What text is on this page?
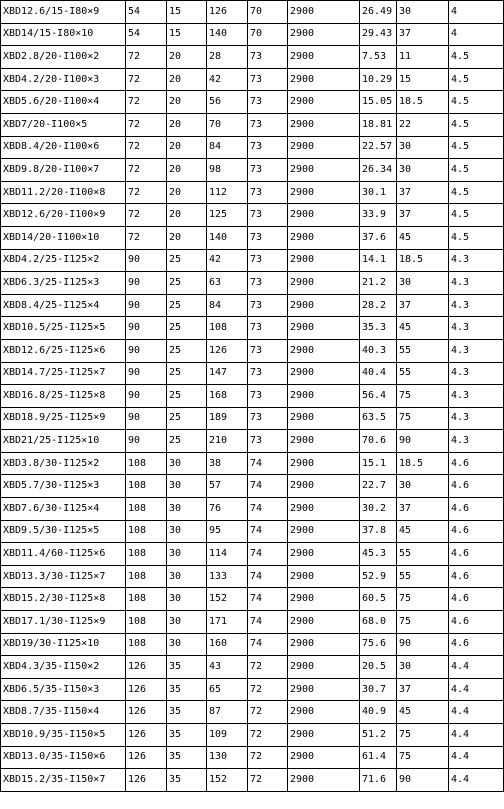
XBD12.6/15-I80×9	54	15	126	70	2900	26.49	30	4	
XBD14/15-I80×10	54	15	140	70	2900	29.43	37	4	
XBD2.8/20-I100×2	72	20	28	73	2900	7.53	11	4.5	
XBD4.2/20-I100×3	72	20	42	73	2900	10.29	15	4.5	
XBD5.6/20-I100×4	72	20	56	73	2900	15.05	18.5	4.5	
XBD7/20-I100×5	72	20	70	73	2900	18.81	22	4.5	
XBD8.4/20-I100×6	72	20	84	73	2900	22.57	30	4.5	
XBD9.8/20-I100×7	72	20	98	73	2900	26.34	30	4.5	
XBD11.2/20-I100×8	72	20	112	73	2900	30.1	37	4.5	
XBD12.6/20-I100×9	72	20	125	73	2900	33.9	37	4.5	
XBD14/20-I100×10	72	20	140	73	2900	37.6	45	4.5	
XBD4.2/25-I125×2	90	25	42	73	2900	14.1	18.5	4.3	
XBD6.3/25-I125×3	90	25	63	73	2900	21.2	30	4.3	
XBD8.4/25-I125×4	90	25	84	73	2900	28.2	37	4.3	
XBD10.5/25-I125×5	90	25	108	73	2900	35.3	45	4.3	
XBD12.6/25-I125×6	90	25	126	73	2900	40.3	55	4.3	
XBD14.7/25-I125×7	90	25	147	73	2900	40.4	55	4.3	
XBD16.8/25-I125×8	90	25	168	73	2900	56.4	75	4.3	
XBD18.9/25-I125×9	90	25	189	73	2900	63.5	75	4.3	
XBD21/25-I125×10	90	25	210	73	2900	70.6	90	4.3	
XBD3.8/30-I125×2	108	30	38	74	2900	15.1	18.5	4.6	
XBD5.7/30-I125×3	108	30	57	74	2900	22.7	30	4.6	
XBD7.6/30-I125×4	108	30	76	74	2900	30.2	37	4.6	
XBD9.5/30-I125×5	108	30	95	74	2900	37.8	45	4.6	
XBD11.4/60-I125×6	108	30	114	74	2900	45.3	55	4.6	
XBD13.3/30-I125×7	108	30	133	74	2900	52.9	55	4.6	
XBD15.2/30-I125×8	108	30	152	74	2900	60.5	75	4.6	
XBD17.1/30-I125×9	108	30	171	74	2900	68.0	75	4.6	
XBD19/30-I125×10	108	30	160	74	2900	75.6	90	4.6	
XBD4.3/35-I150×2	126	35	43	72	2900	20.5	30	4.4	
XBD6.5/35-I150×3	126	35	65	72	2900	30.7	37	4.4	
XBD8.7/35-I150×4	126	35	87	72	2900	40.9	45	4.4	
XBD10.9/35-I150×5	126	35	109	72	2900	51.2	75	4.4	
XBD13.0/35-I150×6	126	35	130	72	2900	61.4	75	4.4	
XBD15.2/35-I150×7	126	35	152	72	2900	71.6	90	4.4	
